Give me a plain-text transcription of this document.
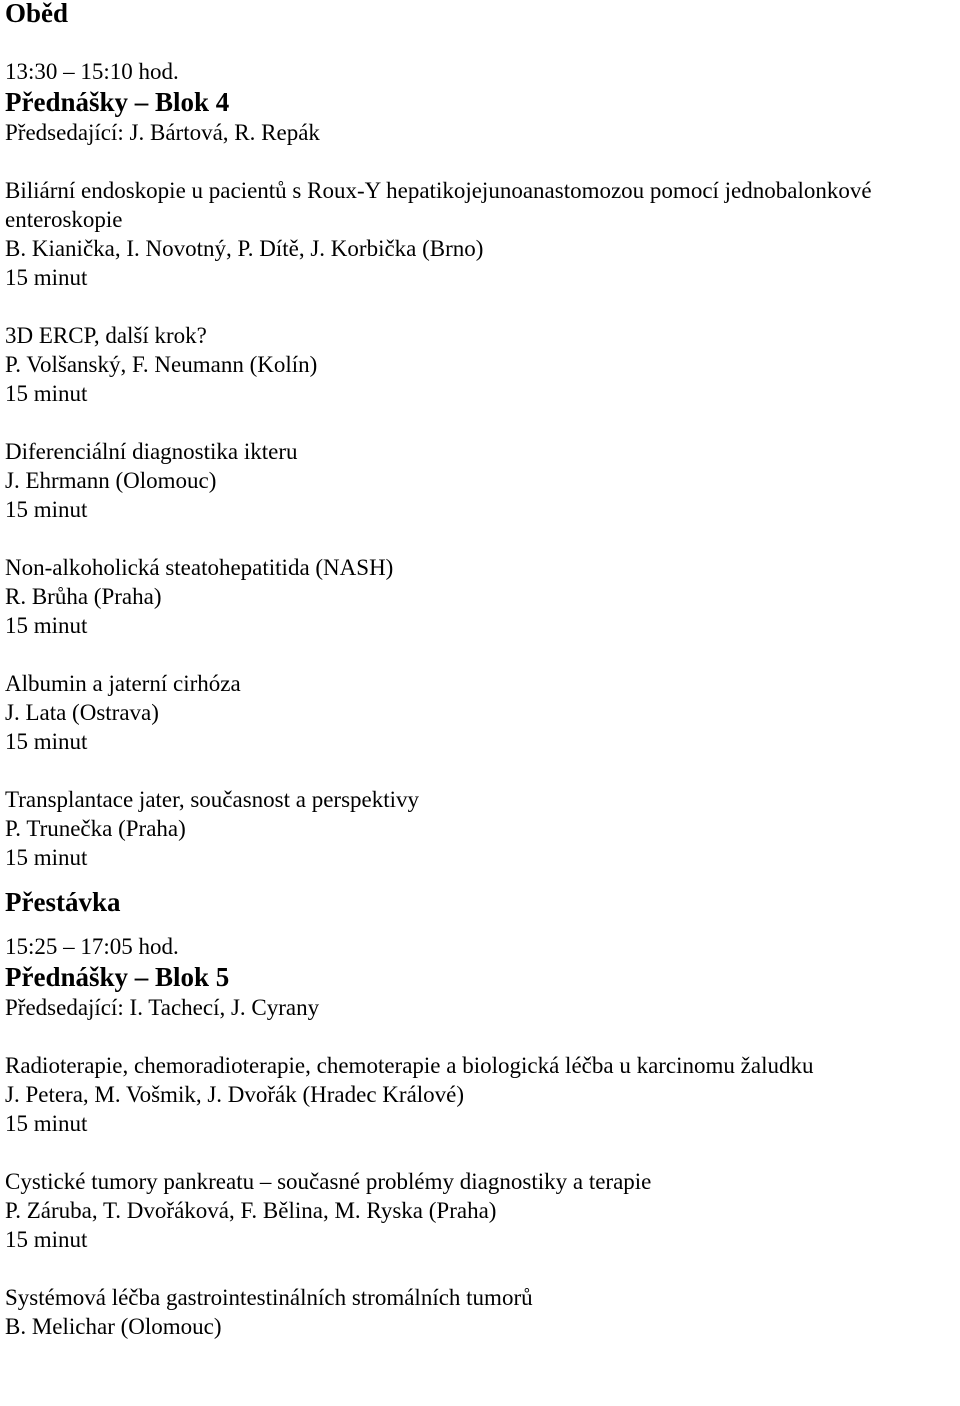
Oběd
13:30 – 15:10 hod.
Přednášky – Blok 4
Předsedající: J. Bártová, R. Repák
Biliární endoskopie u pacientů s Roux-Y hepatikojejunoanastomozou pomocí jednobalonkové enteroskopie
B. Kianička, I. Novotný, P. Dítě, J. Korbička (Brno)
15 minut
3D ERCP, další krok?
P. Volšanský, F. Neumann (Kolín)
15 minut
Diferenciální diagnostika ikteru
J. Ehrmann (Olomouc)
15 minut
Non-alkoholická steatohepatitida (NASH)
R. Brůha (Praha)
15 minut
Albumin a jaterní cirhóza
J. Lata (Ostrava)
15 minut
Transplantace jater, současnost a perspektivy
P. Trunečka (Praha)
15 minut
Přestávka
15:25 – 17:05 hod.
Přednášky – Blok 5
Předsedající: I. Tachecí, J. Cyrany
Radioterapie, chemoradioterapie, chemoterapie a biologická léčba u karcinomu žaludku
J. Petera, M. Vošmik, J. Dvořák (Hradec Králové)
15 minut
Cystické tumory pankreatu – současné problémy diagnostiky a terapie
P. Záruba, T. Dvořáková, F. Bělina, M. Ryska (Praha)
15 minut
Systémová léčba gastrointestinálních stromálních tumorů
B. Melichar (Olomouc)
